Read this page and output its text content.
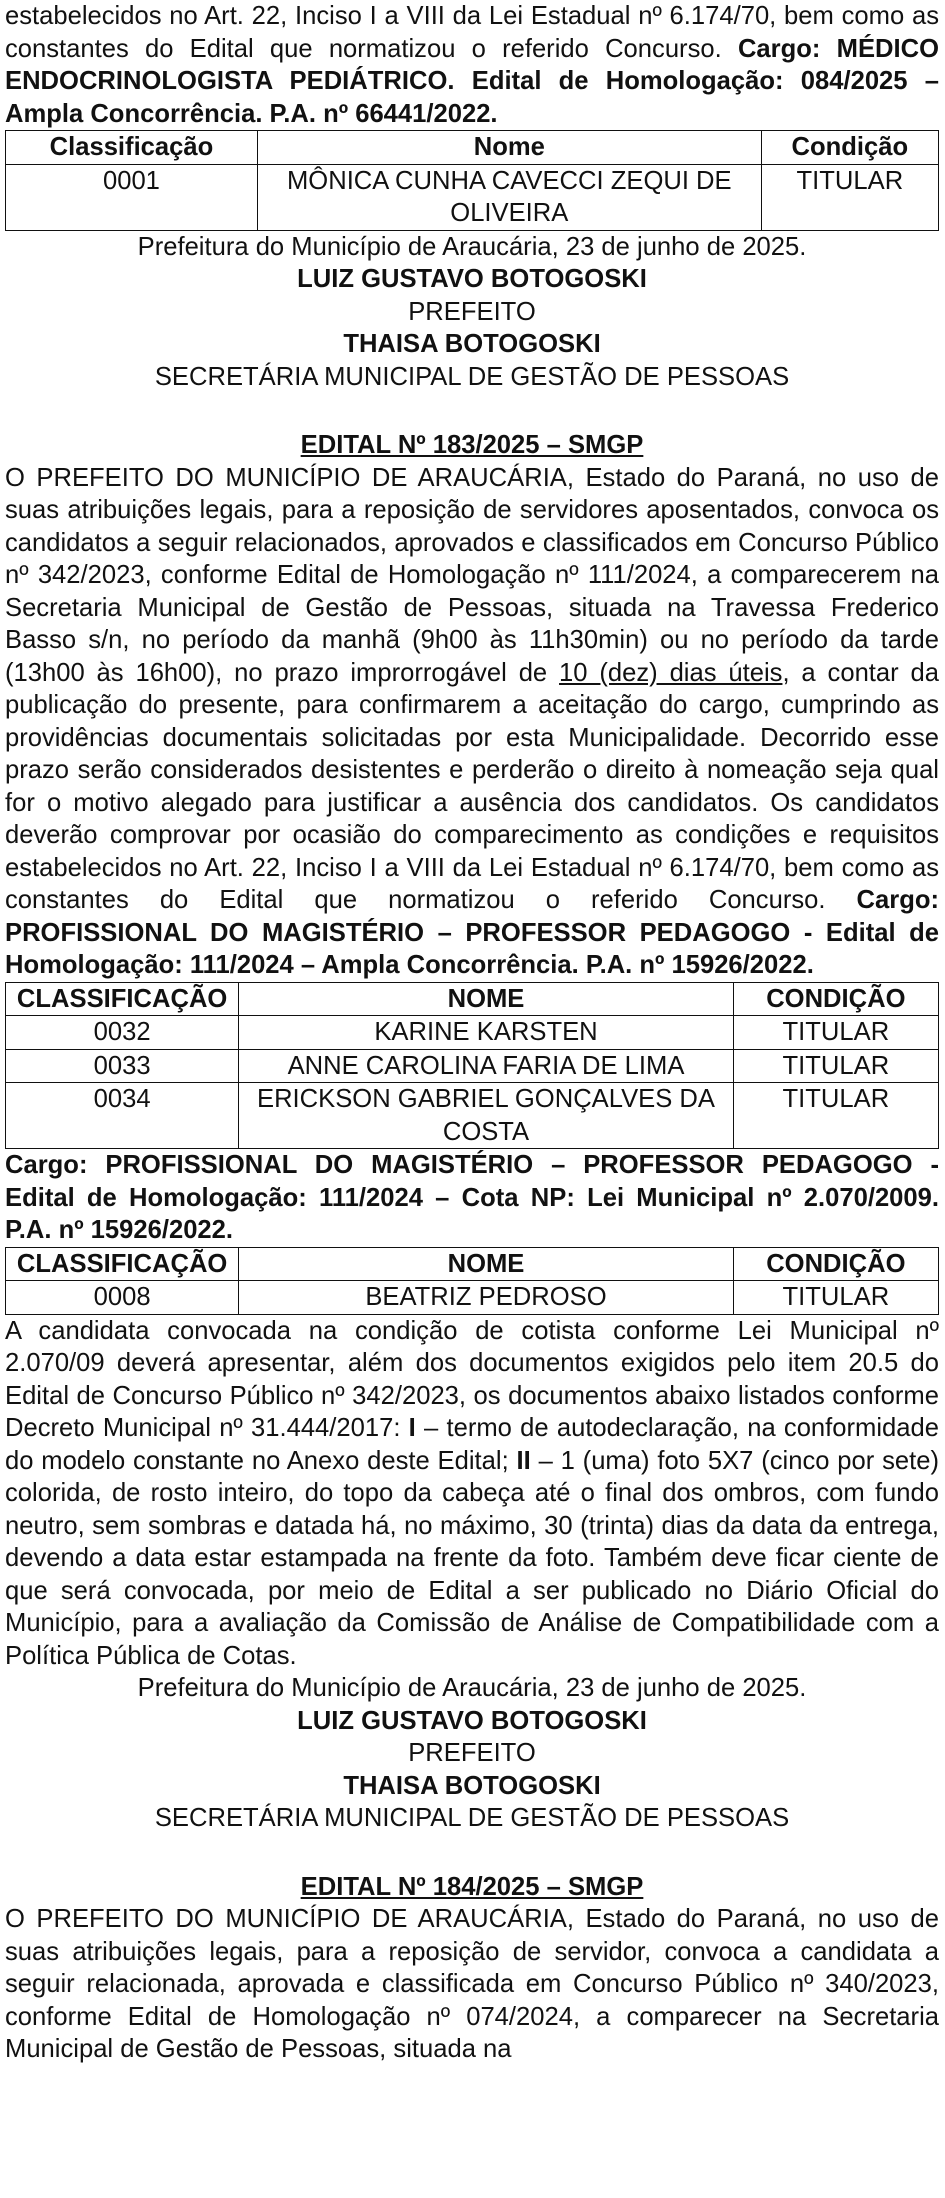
estabelecidos no Art. 22, Inciso I a VIII da Lei Estadual nº 6.174/70, bem como as constantes do Edital que normatizou o referido Concurso. Cargo: MÉDICO ENDOCRINOLOGISTA PEDIÁTRICO. Edital de Homologação: 084/2025 – Ampla Concorrência. P.A. nº 66441/2022.

Classificação	Nome	Condição
0001	MÔNICA CUNHA CAVECCI ZEQUI DE OLIVEIRA	TITULAR

Prefeitura do Município de Araucária, 23 de junho de 2025.

LUIZ GUSTAVO BOTOGOSKI

PREFEITO

THAISA BOTOGOSKI

SECRETÁRIA MUNICIPAL DE GESTÃO DE PESSOAS

EDITAL Nº 183/2025 – SMGP

O PREFEITO DO MUNICÍPIO DE ARAUCÁRIA, Estado do Paraná, no uso de suas atribuições legais, para a reposição de servidores aposentados, convoca os candidatos a seguir relacionados, aprovados e classificados em Concurso Público nº 342/2023, conforme Edital de Homologação nº 111/2024, a comparecerem na Secretaria Municipal de Gestão de Pessoas, situada na Travessa Frederico Basso s/n, no período da manhã (9h00 às 11h30min) ou no período da tarde (13h00 às 16h00), no prazo improrrogável de 10 (dez) dias úteis, a contar da publicação do presente, para confirmarem a aceitação do cargo, cumprindo as providências documentais solicitadas por esta Municipalidade. Decorrido esse prazo serão considerados desistentes e perderão o direito à nomeação seja qual for o motivo alegado para justificar a ausência dos candidatos. Os candidatos deverão comprovar por ocasião do comparecimento as condições e requisitos estabelecidos no Art. 22, Inciso I a VIII da Lei Estadual nº 6.174/70, bem como as constantes do Edital que normatizou o referido Concurso. Cargo: PROFISSIONAL DO MAGISTÉRIO – PROFESSOR PEDAGOGO - Edital de Homologação: 111/2024 – Ampla Concorrência. P.A. nº 15926/2022.

CLASSIFICAÇÃO	NOME	CONDIÇÃO
0032	KARINE KARSTEN	TITULAR
0033	ANNE CAROLINA FARIA DE LIMA	TITULAR
0034	ERICKSON GABRIEL GONÇALVES DA COSTA	TITULAR

Cargo: PROFISSIONAL DO MAGISTÉRIO – PROFESSOR PEDAGOGO - Edital de Homologação: 111/2024 – Cota NP: Lei Municipal nº 2.070/2009. P.A. nº 15926/2022.

CLASSIFICAÇÃO	NOME	CONDIÇÃO
0008	BEATRIZ PEDROSO	TITULAR

A candidata convocada na condição de cotista conforme Lei Municipal nº 2.070/09 deverá apresentar, além dos documentos exigidos pelo item 20.5 do Edital de Concurso Público nº 342/2023, os documentos abaixo listados conforme Decreto Municipal nº 31.444/2017: I – termo de autodeclaração, na conformidade do modelo constante no Anexo deste Edital; II – 1 (uma) foto 5X7 (cinco por sete) colorida, de rosto inteiro, do topo da cabeça até o final dos ombros, com fundo neutro, sem sombras e datada há, no máximo, 30 (trinta) dias da data da entrega, devendo a data estar estampada na frente da foto. Também deve ficar ciente de que será convocada, por meio de Edital a ser publicado no Diário Oficial do Município, para a avaliação da Comissão de Análise de Compatibilidade com a Política Pública de Cotas.

Prefeitura do Município de Araucária, 23 de junho de 2025.

LUIZ GUSTAVO BOTOGOSKI

PREFEITO

THAISA BOTOGOSKI

SECRETÁRIA MUNICIPAL DE GESTÃO DE PESSOAS

EDITAL Nº 184/2025 – SMGP

O PREFEITO DO MUNICÍPIO DE ARAUCÁRIA, Estado do Paraná, no uso de suas atribuições legais, para a reposição de servidor, convoca a candidata a seguir relacionada, aprovada e classificada em Concurso Público nº 340/2023, conforme Edital de Homologação nº 074/2024, a comparecer na Secretaria Municipal de Gestão de Pessoas, situada na
